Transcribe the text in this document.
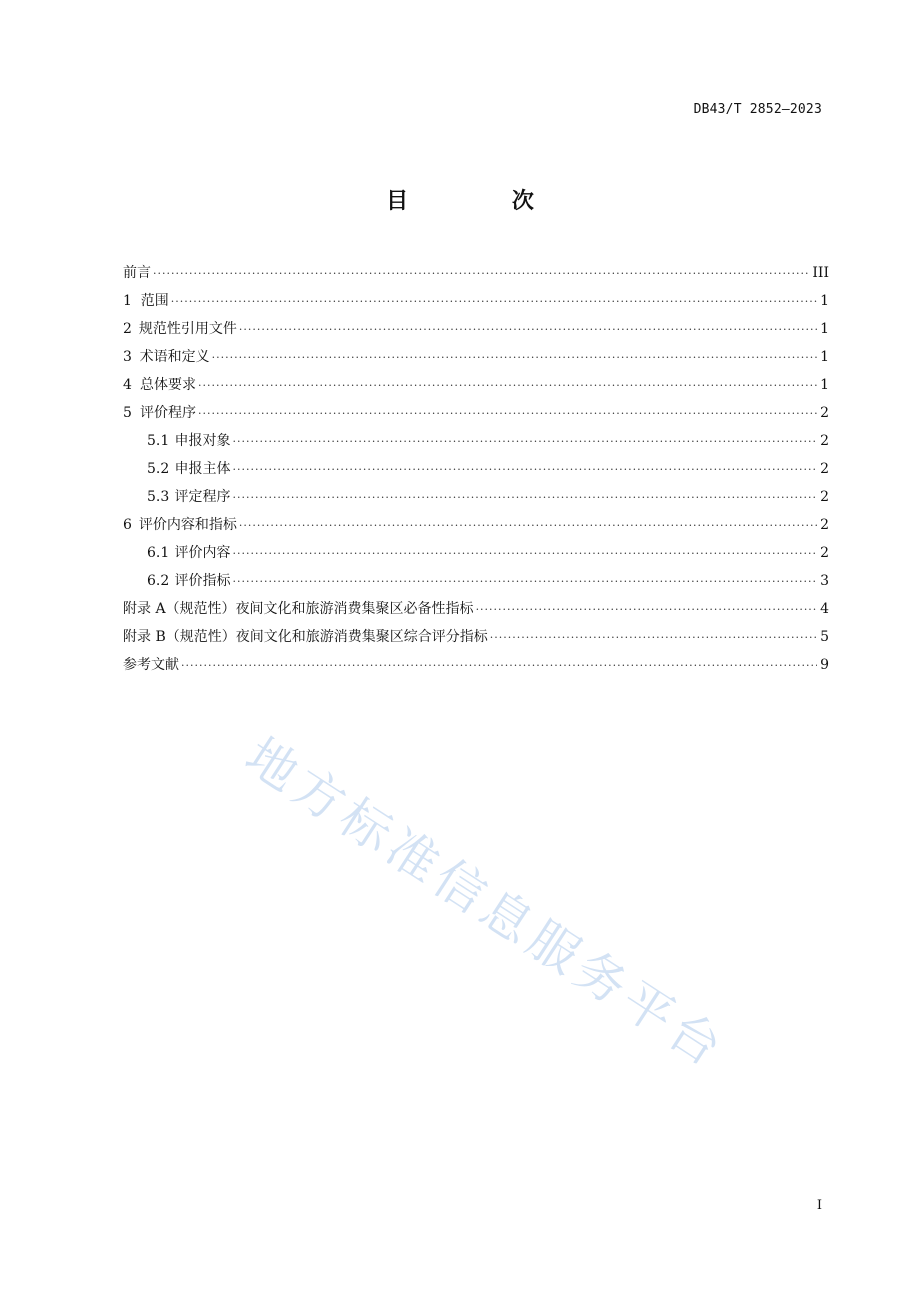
DB43/T 2852—2023
目 次
前言 ·····	III
1 范围 ·····	1
2 规范性引用文件 ·····	1
3 术语和定义 ·····	1
4 总体要求 ·····	1
5 评价程序 ·····	2
5.1 申报对象 ·····	2
5.2 申报主体 ·····	2
5.3 评定程序 ·····	2
6 评价内容和指标 ·····	2
6.1 评价内容 ·····	2
6.2 评价指标 ·····	3
附录 A（规范性） 夜间文化和旅游消费集聚区必备性指标 ·····	4
附录 B（规范性） 夜间文化和旅游消费集聚区综合评分指标 ·····	5
参考文献 ·····	9
地方标准信息服务平台
I
